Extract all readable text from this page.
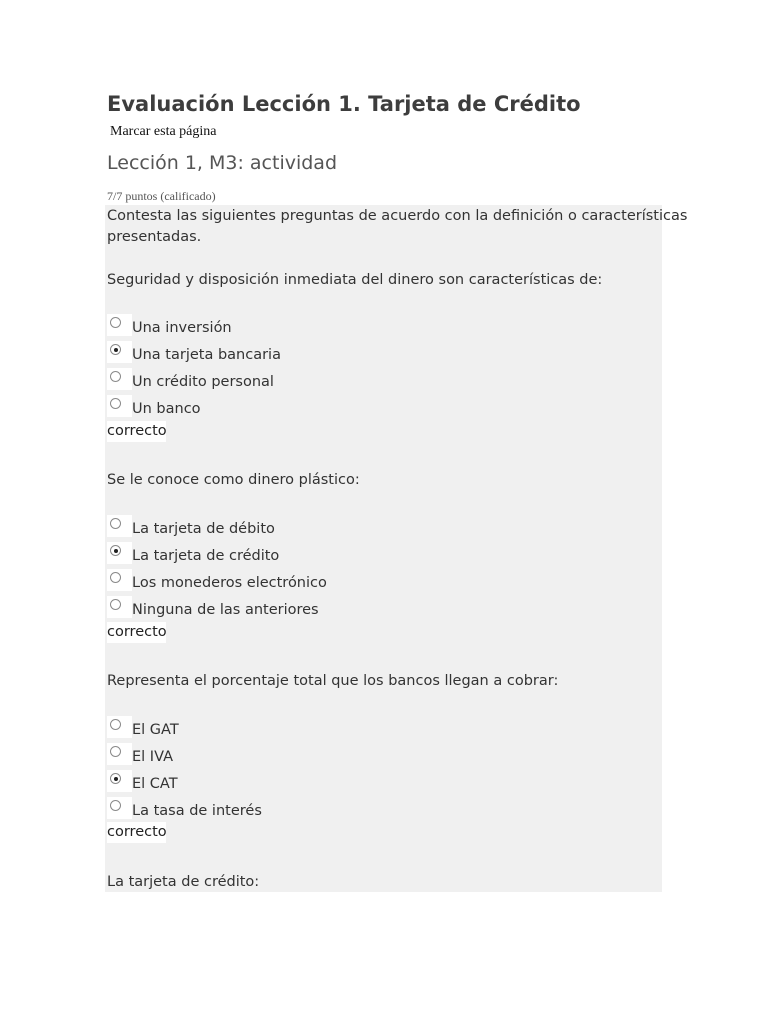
Evaluación Lección 1. Tarjeta de Crédito
Marcar esta página
Lección 1, M3: actividad
7/7 puntos (calificado)
Contesta las siguientes preguntas de acuerdo con la definición o características
presentadas.
Seguridad y disposición inmediata del dinero son características de:
Una inversión
Una tarjeta bancaria
Un crédito personal
Un banco
correcto
Se le conoce como dinero plástico:
La tarjeta de débito
La tarjeta de crédito
Los monederos electrónico
Ninguna de las anteriores
correcto
Representa el porcentaje total que los bancos llegan a cobrar:
El GAT
El IVA
El CAT
La tasa de interés
correcto
La tarjeta de crédito:
